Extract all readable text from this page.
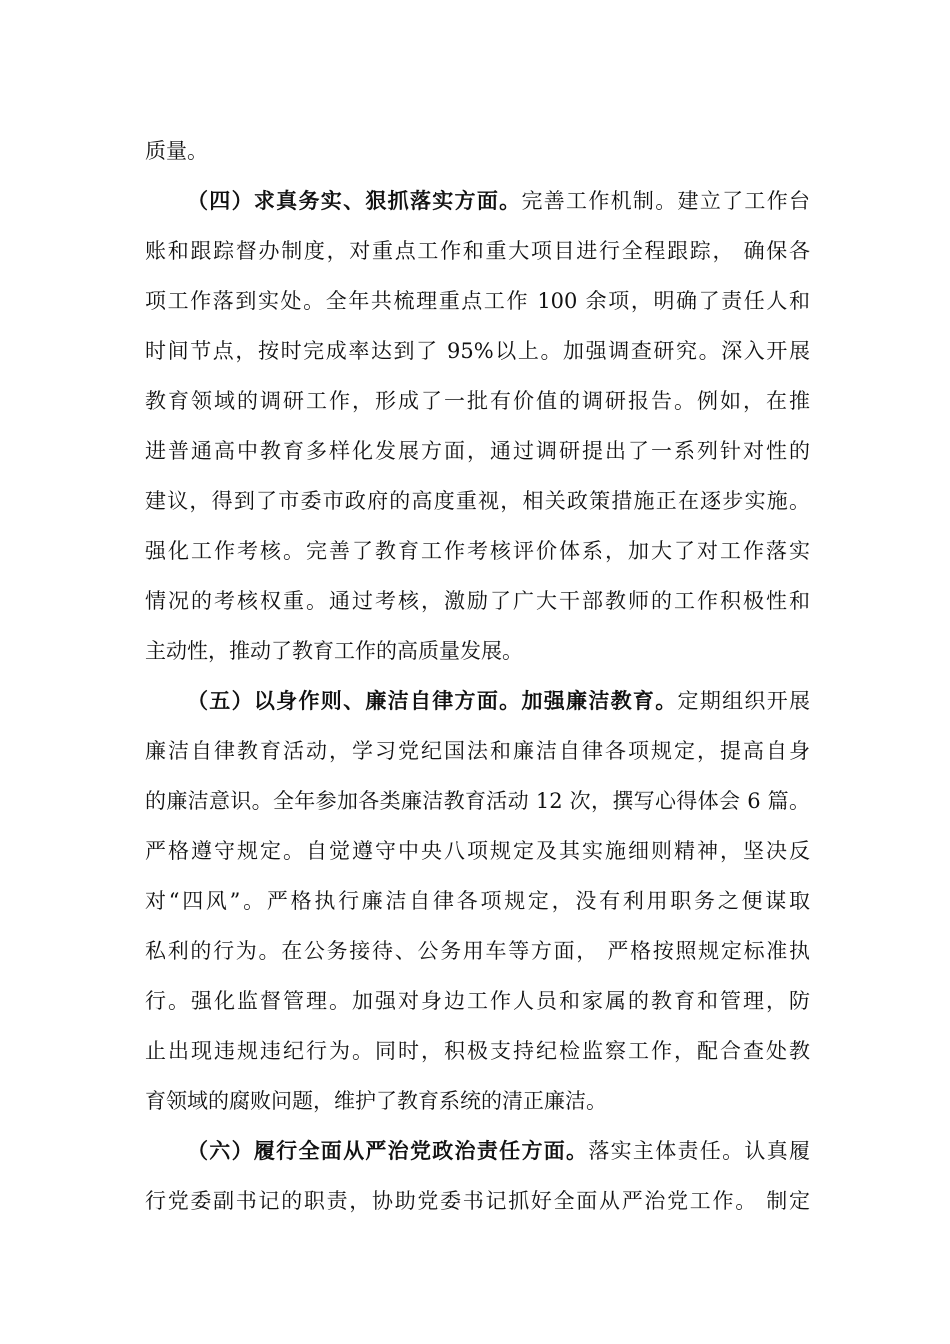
质量。
（四）求真务实、狠抓落实方面。完善工作机制。建立了工作台
账和跟踪督办制度，对重点工作和重大项目进行全程跟踪， 确保各
项工作落到实处。全年共梳理重点工作 100 余项，明确了责任人和
时间节点，按时完成率达到了 95%以上。加强调查研究。深入开展
教育领域的调研工作，形成了一批有价值的调研报告。例如，在推
进普通高中教育多样化发展方面，通过调研提出了一系列针对性的
建议，得到了市委市政府的高度重视，相关政策措施正在逐步实施。
强化工作考核。完善了教育工作考核评价体系，加大了对工作落实
情况的考核权重。通过考核，激励了广大干部教师的工作积极性和
主动性，推动了教育工作的高质量发展。
（五）以身作则、廉洁自律方面。加强廉洁教育。定期组织开展
廉洁自律教育活动，学习党纪国法和廉洁自律各项规定，提高自身
的廉洁意识。全年参加各类廉洁教育活动 12 次，撰写心得体会 6 篇。
严格遵守规定。自觉遵守中央八项规定及其实施细则精神，坚决反
对“四风”。严格执行廉洁自律各项规定，没有利用职务之便谋取
私利的行为。在公务接待、公务用车等方面， 严格按照规定标准执
行。强化监督管理。加强对身边工作人员和家属的教育和管理，防
止出现违规违纪行为。同时，积极支持纪检监察工作，配合查处教
育领域的腐败问题，维护了教育系统的清正廉洁。
（六）履行全面从严治党政治责任方面。落实主体责任。认真履
行党委副书记的职责，协助党委书记抓好全面从严治党工作。 制定
